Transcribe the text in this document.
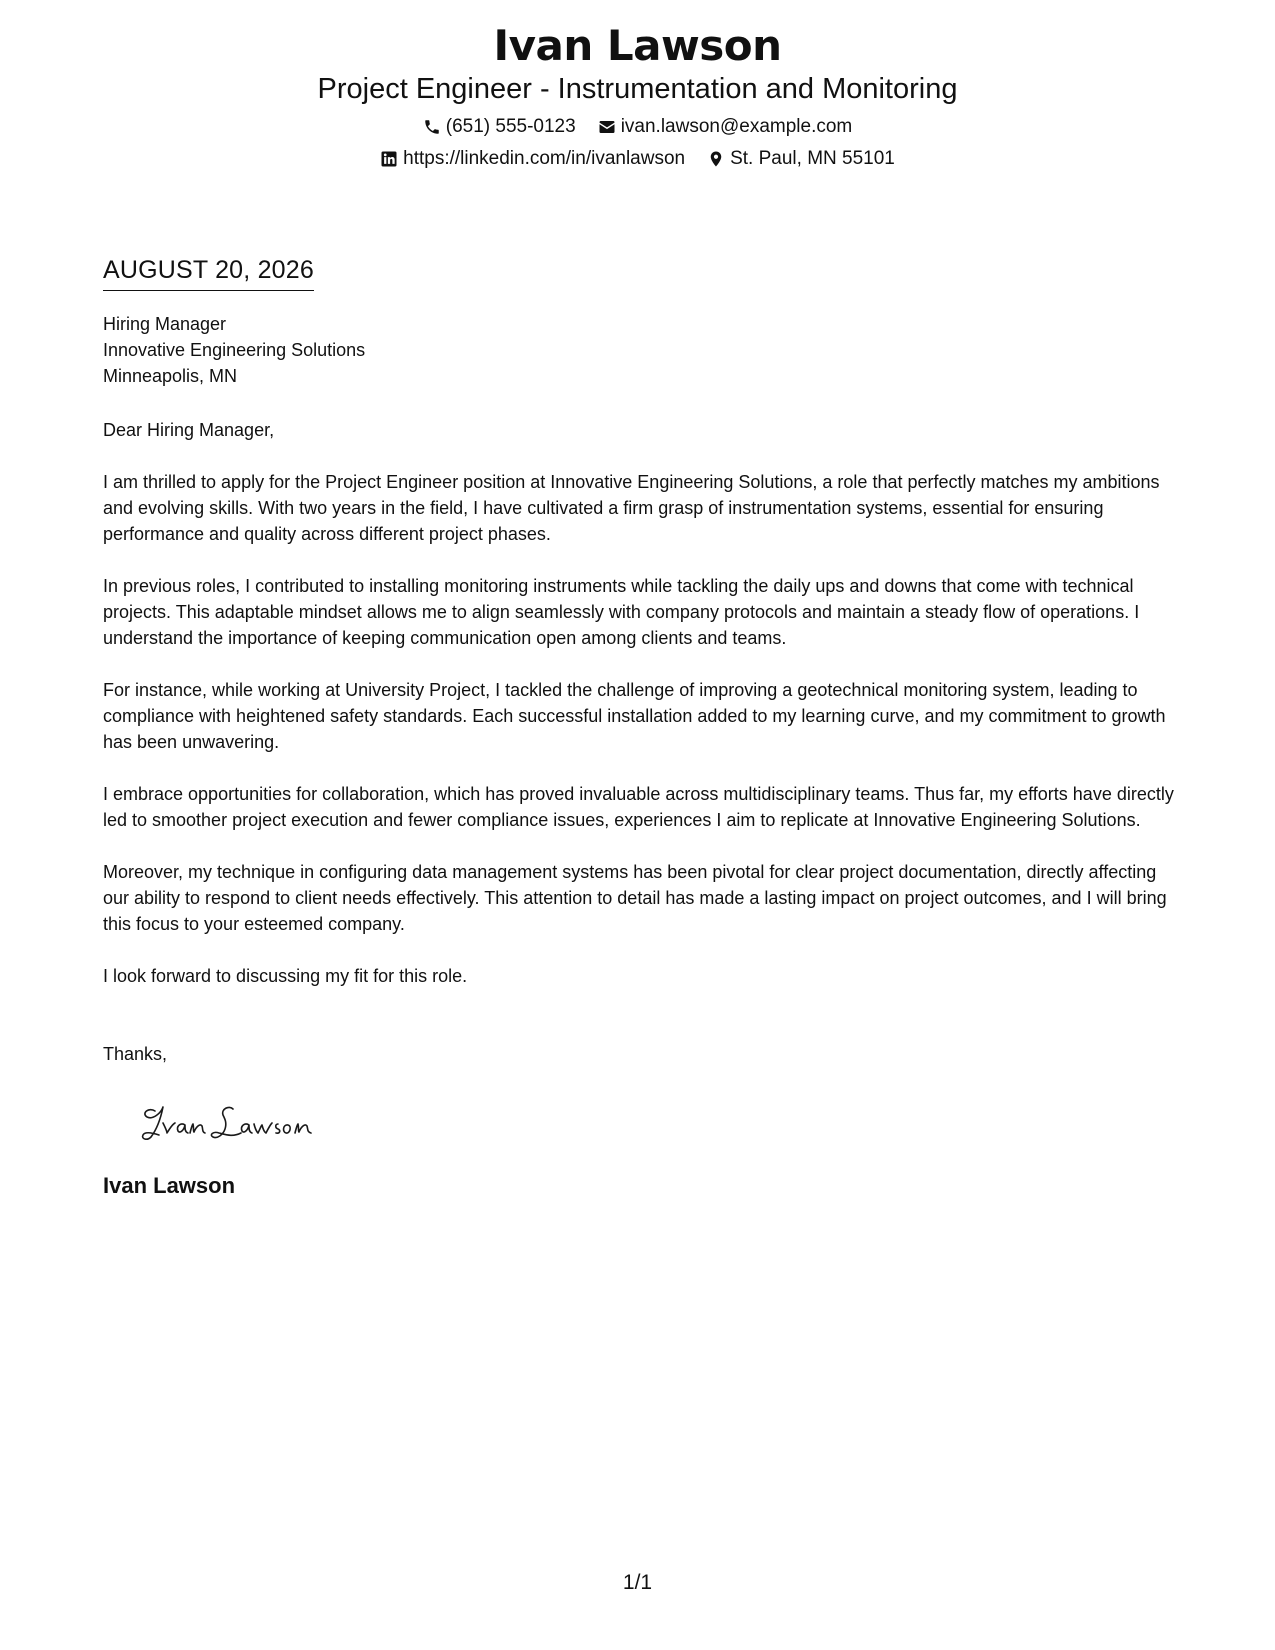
Ivan Lawson
Project Engineer - Instrumentation and Monitoring
(651) 555-0123 ivan.lawson@example.com
https://linkedin.com/in/ivanlawson St. Paul, MN 55101
AUGUST 20, 2026
Hiring Manager
Innovative Engineering Solutions
Minneapolis, MN
Dear Hiring Manager,

I am thrilled to apply for the Project Engineer position at Innovative Engineering Solutions, a role that perfectly matches my ambitions and evolving skills. With two years in the field, I have cultivated a firm grasp of instrumentation systems, essential for ensuring performance and quality across different project phases.

In previous roles, I contributed to installing monitoring instruments while tackling the daily ups and downs that come with technical projects. This adaptable mindset allows me to align seamlessly with company protocols and maintain a steady flow of operations. I understand the importance of keeping communication open among clients and teams.

For instance, while working at University Project, I tackled the challenge of improving a geotechnical monitoring system, leading to compliance with heightened safety standards. Each successful installation added to my learning curve, and my commitment to growth has been unwavering.

I embrace opportunities for collaboration, which has proved invaluable across multidisciplinary teams. Thus far, my efforts have directly led to smoother project execution and fewer compliance issues, experiences I aim to replicate at Innovative Engineering Solutions.

Moreover, my technique in configuring data management systems has been pivotal for clear project documentation, directly affecting our ability to respond to client needs effectively. This attention to detail has made a lasting impact on project outcomes, and I will bring this focus to your esteemed company.

I look forward to discussing my fit for this role.

Thanks,
Ivan Lawson
1/1
